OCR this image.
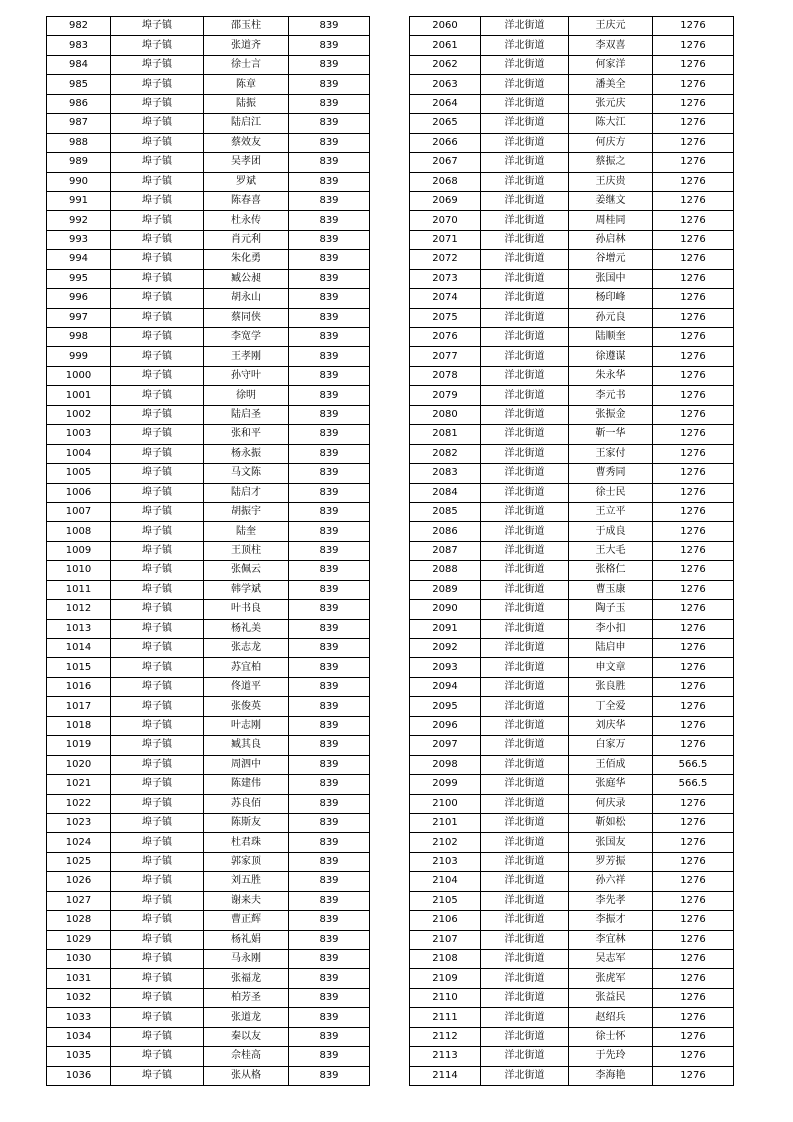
982	埠子镇	邵玉柱	839
983	埠子镇	张道齐	839
984	埠子镇	徐士言	839
985	埠子镇	陈章	839
986	埠子镇	陆振	839
987	埠子镇	陆启江	839
988	埠子镇	蔡效友	839
989	埠子镇	吴孝团	839
990	埠子镇	罗斌	839
991	埠子镇	陈春喜	839
992	埠子镇	杜永传	839
993	埠子镇	肖元利	839
994	埠子镇	朱化勇	839
995	埠子镇	臧公昶	839
996	埠子镇	胡永山	839
997	埠子镇	蔡同侠	839
998	埠子镇	李宽学	839
999	埠子镇	王孝刚	839
1000	埠子镇	孙守叶	839
1001	埠子镇	徐明	839
1002	埠子镇	陆启圣	839
1003	埠子镇	张和平	839
1004	埠子镇	杨永振	839
1005	埠子镇	马文陈	839
1006	埠子镇	陆启才	839
1007	埠子镇	胡振宇	839
1008	埠子镇	陆奎	839
1009	埠子镇	王顶柱	839
1010	埠子镇	张佩云	839
1011	埠子镇	韩学斌	839
1012	埠子镇	叶书良	839
1013	埠子镇	杨礼美	839
1014	埠子镇	张志龙	839
1015	埠子镇	苏宜柏	839
1016	埠子镇	佟道平	839
1017	埠子镇	张俊英	839
1018	埠子镇	叶志刚	839
1019	埠子镇	臧其良	839
1020	埠子镇	周泗中	839
1021	埠子镇	陈建伟	839
1022	埠子镇	苏良佰	839
1023	埠子镇	陈斯友	839
1024	埠子镇	杜君珠	839
1025	埠子镇	郭家顶	839
1026	埠子镇	刘五胜	839
1027	埠子镇	谢来夫	839
1028	埠子镇	曹正辉	839
1029	埠子镇	杨礼娟	839
1030	埠子镇	马永刚	839
1031	埠子镇	张福龙	839
1032	埠子镇	柏芳圣	839
1033	埠子镇	张道龙	839
1034	埠子镇	秦以友	839
1035	埠子镇	佘桂高	839
1036	埠子镇	张从格	839
2060	洋北街道	王庆元	1276
2061	洋北街道	李双喜	1276
2062	洋北街道	何家洋	1276
2063	洋北街道	潘美全	1276
2064	洋北街道	张元庆	1276
2065	洋北街道	陈大江	1276
2066	洋北街道	何庆方	1276
2067	洋北街道	蔡振之	1276
2068	洋北街道	王庆贵	1276
2069	洋北街道	姜继文	1276
2070	洋北街道	周桂同	1276
2071	洋北街道	孙启林	1276
2072	洋北街道	谷增元	1276
2073	洋北街道	张国中	1276
2074	洋北街道	杨印峰	1276
2075	洋北街道	孙元良	1276
2076	洋北街道	陆顺奎	1276
2077	洋北街道	徐遵谋	1276
2078	洋北街道	朱永华	1276
2079	洋北街道	李元书	1276
2080	洋北街道	张振金	1276
2081	洋北街道	靳一华	1276
2082	洋北街道	王家付	1276
2083	洋北街道	曹秀同	1276
2084	洋北街道	徐士民	1276
2085	洋北街道	王立平	1276
2086	洋北街道	于成良	1276
2087	洋北街道	王大毛	1276
2088	洋北街道	张格仁	1276
2089	洋北街道	曹玉康	1276
2090	洋北街道	陶子玉	1276
2091	洋北街道	李小扣	1276
2092	洋北街道	陆启申	1276
2093	洋北街道	申文章	1276
2094	洋北街道	张良胜	1276
2095	洋北街道	丁全爱	1276
2096	洋北街道	刘庆华	1276
2097	洋北街道	白家万	1276
2098	洋北街道	王佰成	566.5
2099	洋北街道	张庭华	566.5
2100	洋北街道	何庆录	1276
2101	洋北街道	靳如松	1276
2102	洋北街道	张国友	1276
2103	洋北街道	罗芳振	1276
2104	洋北街道	孙六祥	1276
2105	洋北街道	李先孝	1276
2106	洋北街道	李振才	1276
2107	洋北街道	李宜林	1276
2108	洋北街道	吴志军	1276
2109	洋北街道	张虎军	1276
2110	洋北街道	张益民	1276
2111	洋北街道	赵绍兵	1276
2112	洋北街道	徐士怀	1276
2113	洋北街道	于先玲	1276
2114	洋北街道	李海艳	1276
